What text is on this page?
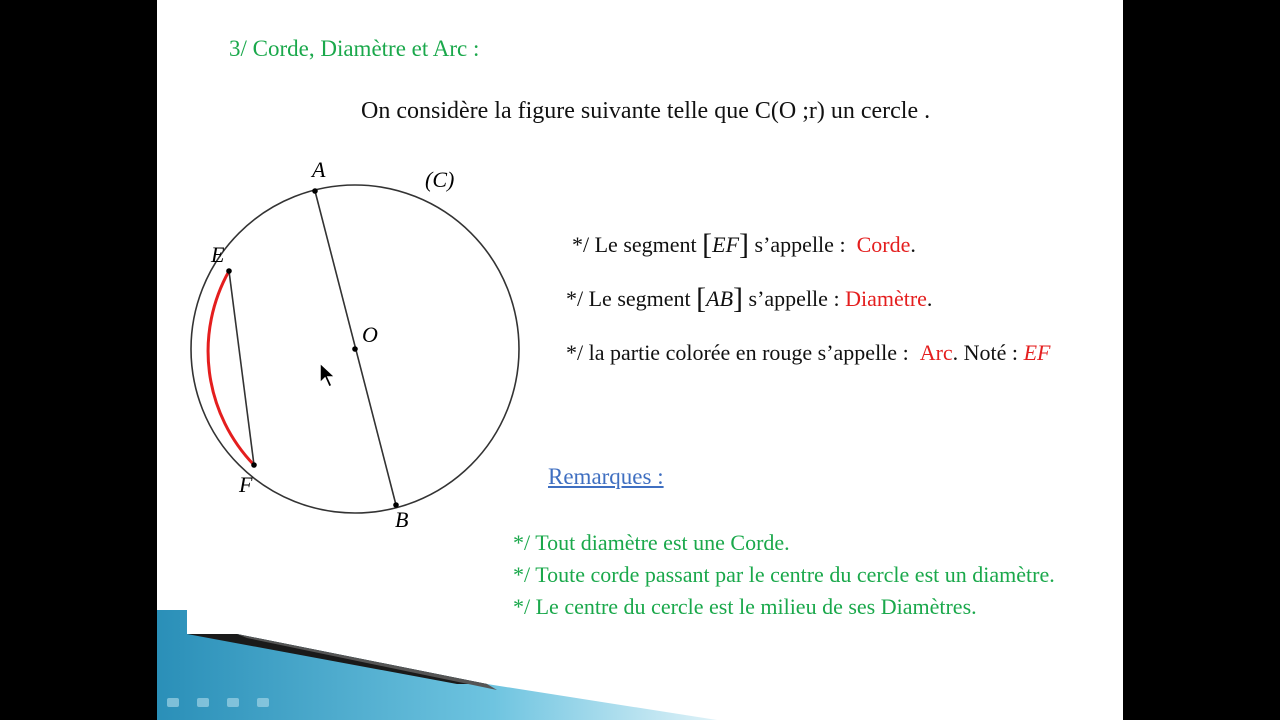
3/ Corde, Diamètre et Arc :
On considère la figure suivante telle que C(O ;r) un cercle .
A
B
E
F
O
(C)
*/ Le segment [EF] s’appelle :  Corde.
*/ Le segment [AB] s’appelle : Diamètre.
*/ la partie colorée en rouge s’appelle :  Arc. Noté : EF
Remarques :
*/ Tout diamètre est une Corde.
*/ Toute corde passant par le centre du cercle est un diamètre.
*/ Le centre du cercle est le milieu de ses Diamètres.
